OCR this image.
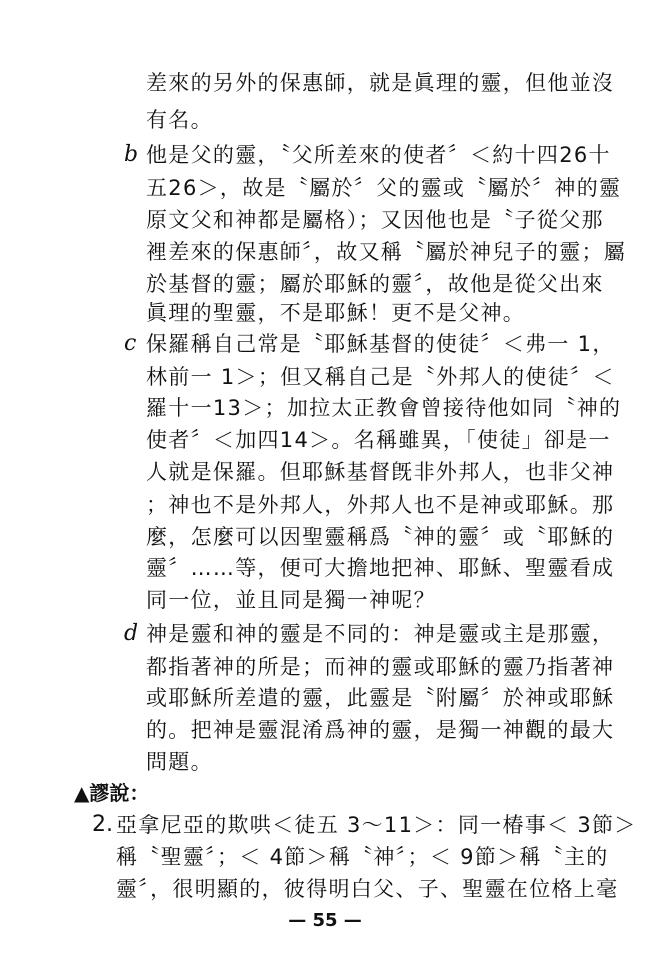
差來的另外的保惠師，就是眞理的靈，但他並沒
有名。
b 他是父的靈，〝父所差來的使者〞＜約十四26十
五26＞，故是〝屬於〞父的靈或〝屬於〞神的靈
原文父和神都是屬格）；又因他也是〝子從父那
裡差來的保惠師〞，故又稱〝屬於神兒子的靈；屬
於基督的靈；屬於耶穌的靈〞，故他是從父出來
眞理的聖靈，不是耶穌！更不是父神。
c 保羅稱自己常是〝耶穌基督的使徒〞＜弗一 1，
林前一 1＞；但又稱自己是〝外邦人的使徒〞＜
羅十一13＞；加拉太正教會曾接待他如同〝神的
使者〞＜加四14＞。名稱雖異，「使徒」卻是一
人就是保羅。但耶穌基督旣非外邦人，也非父神
；神也不是外邦人，外邦人也不是神或耶穌。那
麼，怎麼可以因聖靈稱爲〝神的靈〞或〝耶穌的
靈〞……等，便可大擔地把神、耶穌、聖靈看成
同一位，並且同是獨一神呢？
d 神是靈和神的靈是不同的：神是靈或主是那靈，
都指著神的所是；而神的靈或耶穌的靈乃指著神
或耶穌所差遣的靈，此靈是〝附屬〞於神或耶穌
的。把神是靈混淆爲神的靈，是獨一神觀的最大
問題。
▲謬說：
2. 亞拿尼亞的欺哄＜徒五 3～11＞：同一椿事＜ 3節＞
稱〝聖靈〞；＜ 4節＞稱〝神〞；＜ 9節＞稱〝主的
靈〞，很明顯的，彼得明白父、子、聖靈在位格上毫
— 55 —
